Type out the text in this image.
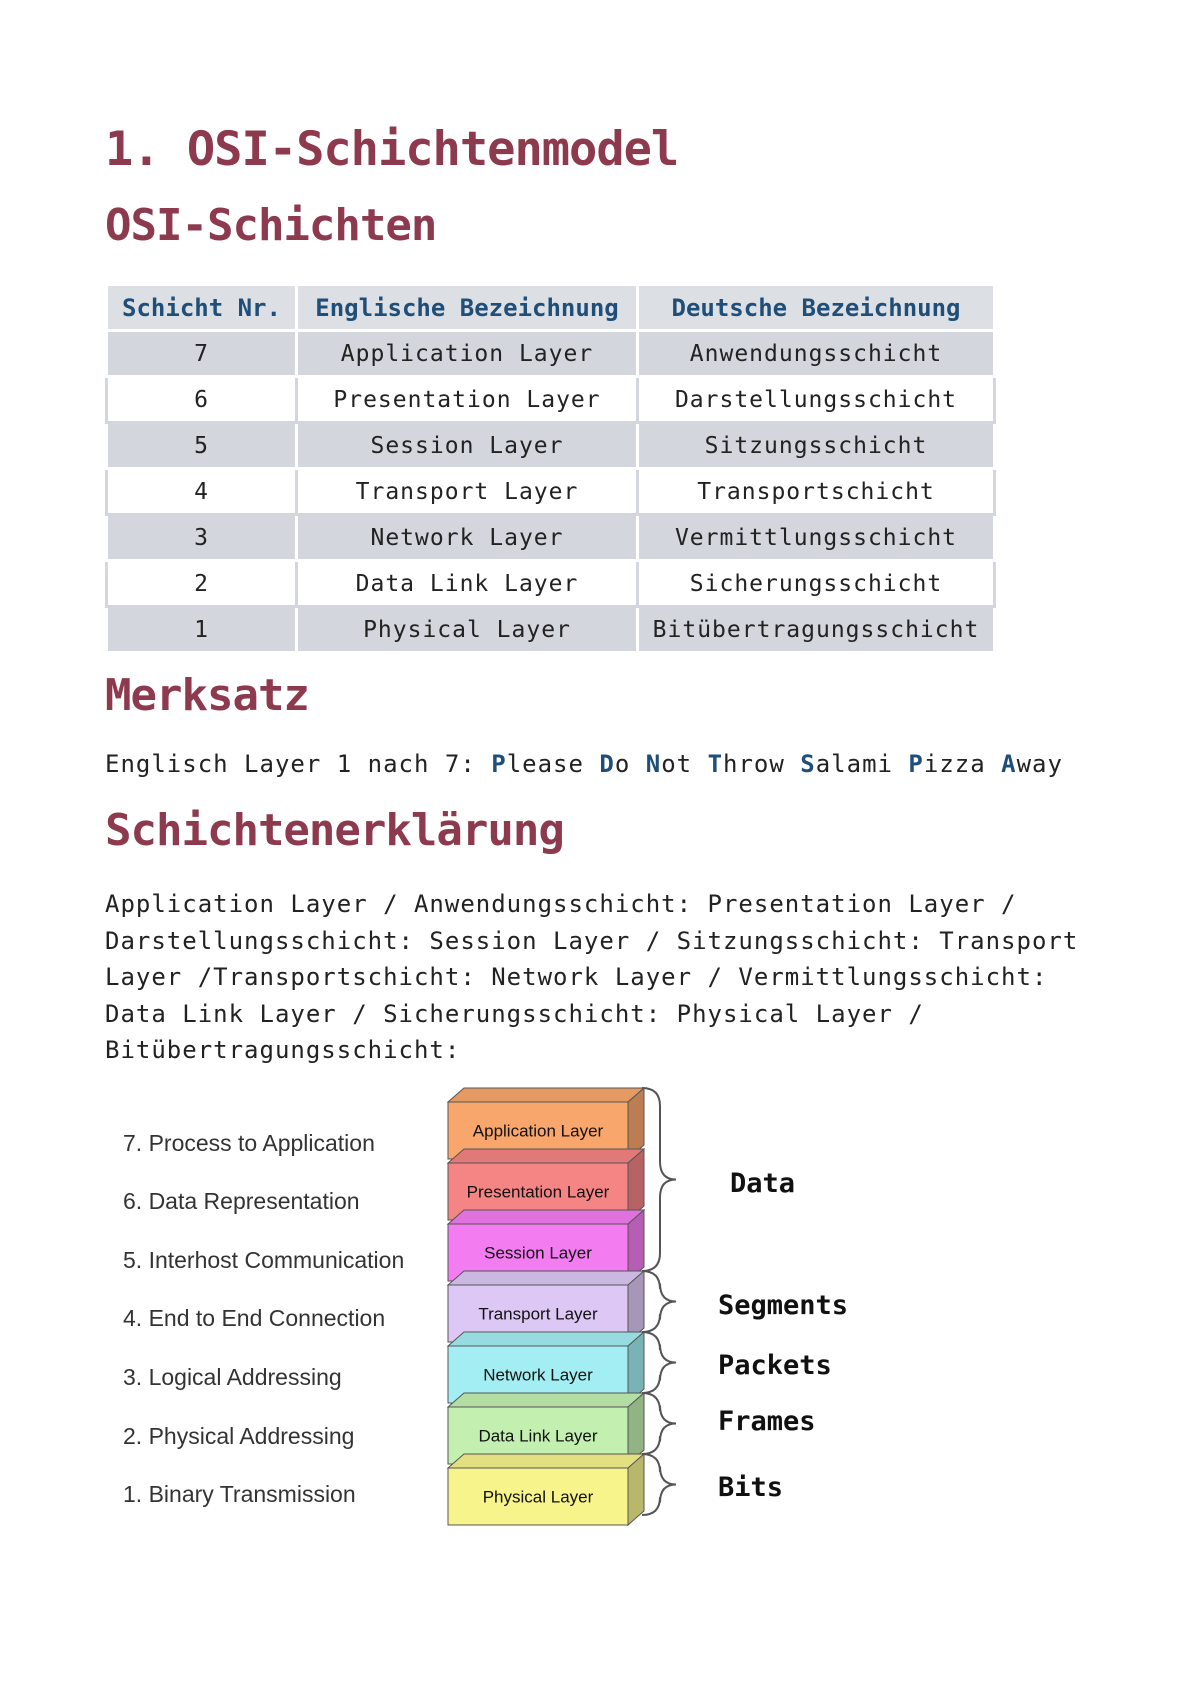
1. OSI-Schichtenmodel
OSI-Schichten
Schicht Nr.	Englische Bezeichnung	Deutsche Bezeichnung
7	Application Layer	Anwendungsschicht
6	Presentation Layer	Darstellungsschicht
5	Session Layer	Sitzungsschicht
4	Transport Layer	Transportschicht
3	Network Layer	Vermittlungsschicht
2	Data Link Layer	Sicherungsschicht
1	Physical Layer	Bitübertragungsschicht
Merksatz
Englisch Layer 1 nach 7: Please Do Not Throw Salami Pizza Away
Schichtenerklärung

Application Layer / Anwendungsschicht: Presentation Layer / Darstellungsschicht: Session Layer / Sitzungsschicht: Transport Layer /Transportschicht: Network Layer / Vermittlungsschicht: Data Link Layer / Sicherungsschicht: Physical Layer / Bitübertragungsschicht:

7. Process to Application
6. Data Representation
5. Interhost Communication
4. End to End Connection
3. Logical Addressing
2. Physical Addressing
1. Binary Transmission
Application Layer
Presentation Layer
Session Layer
Transport Layer
Network Layer
Data Link Layer
Physical Layer
Data
Segments
Packets
Frames
Bits
